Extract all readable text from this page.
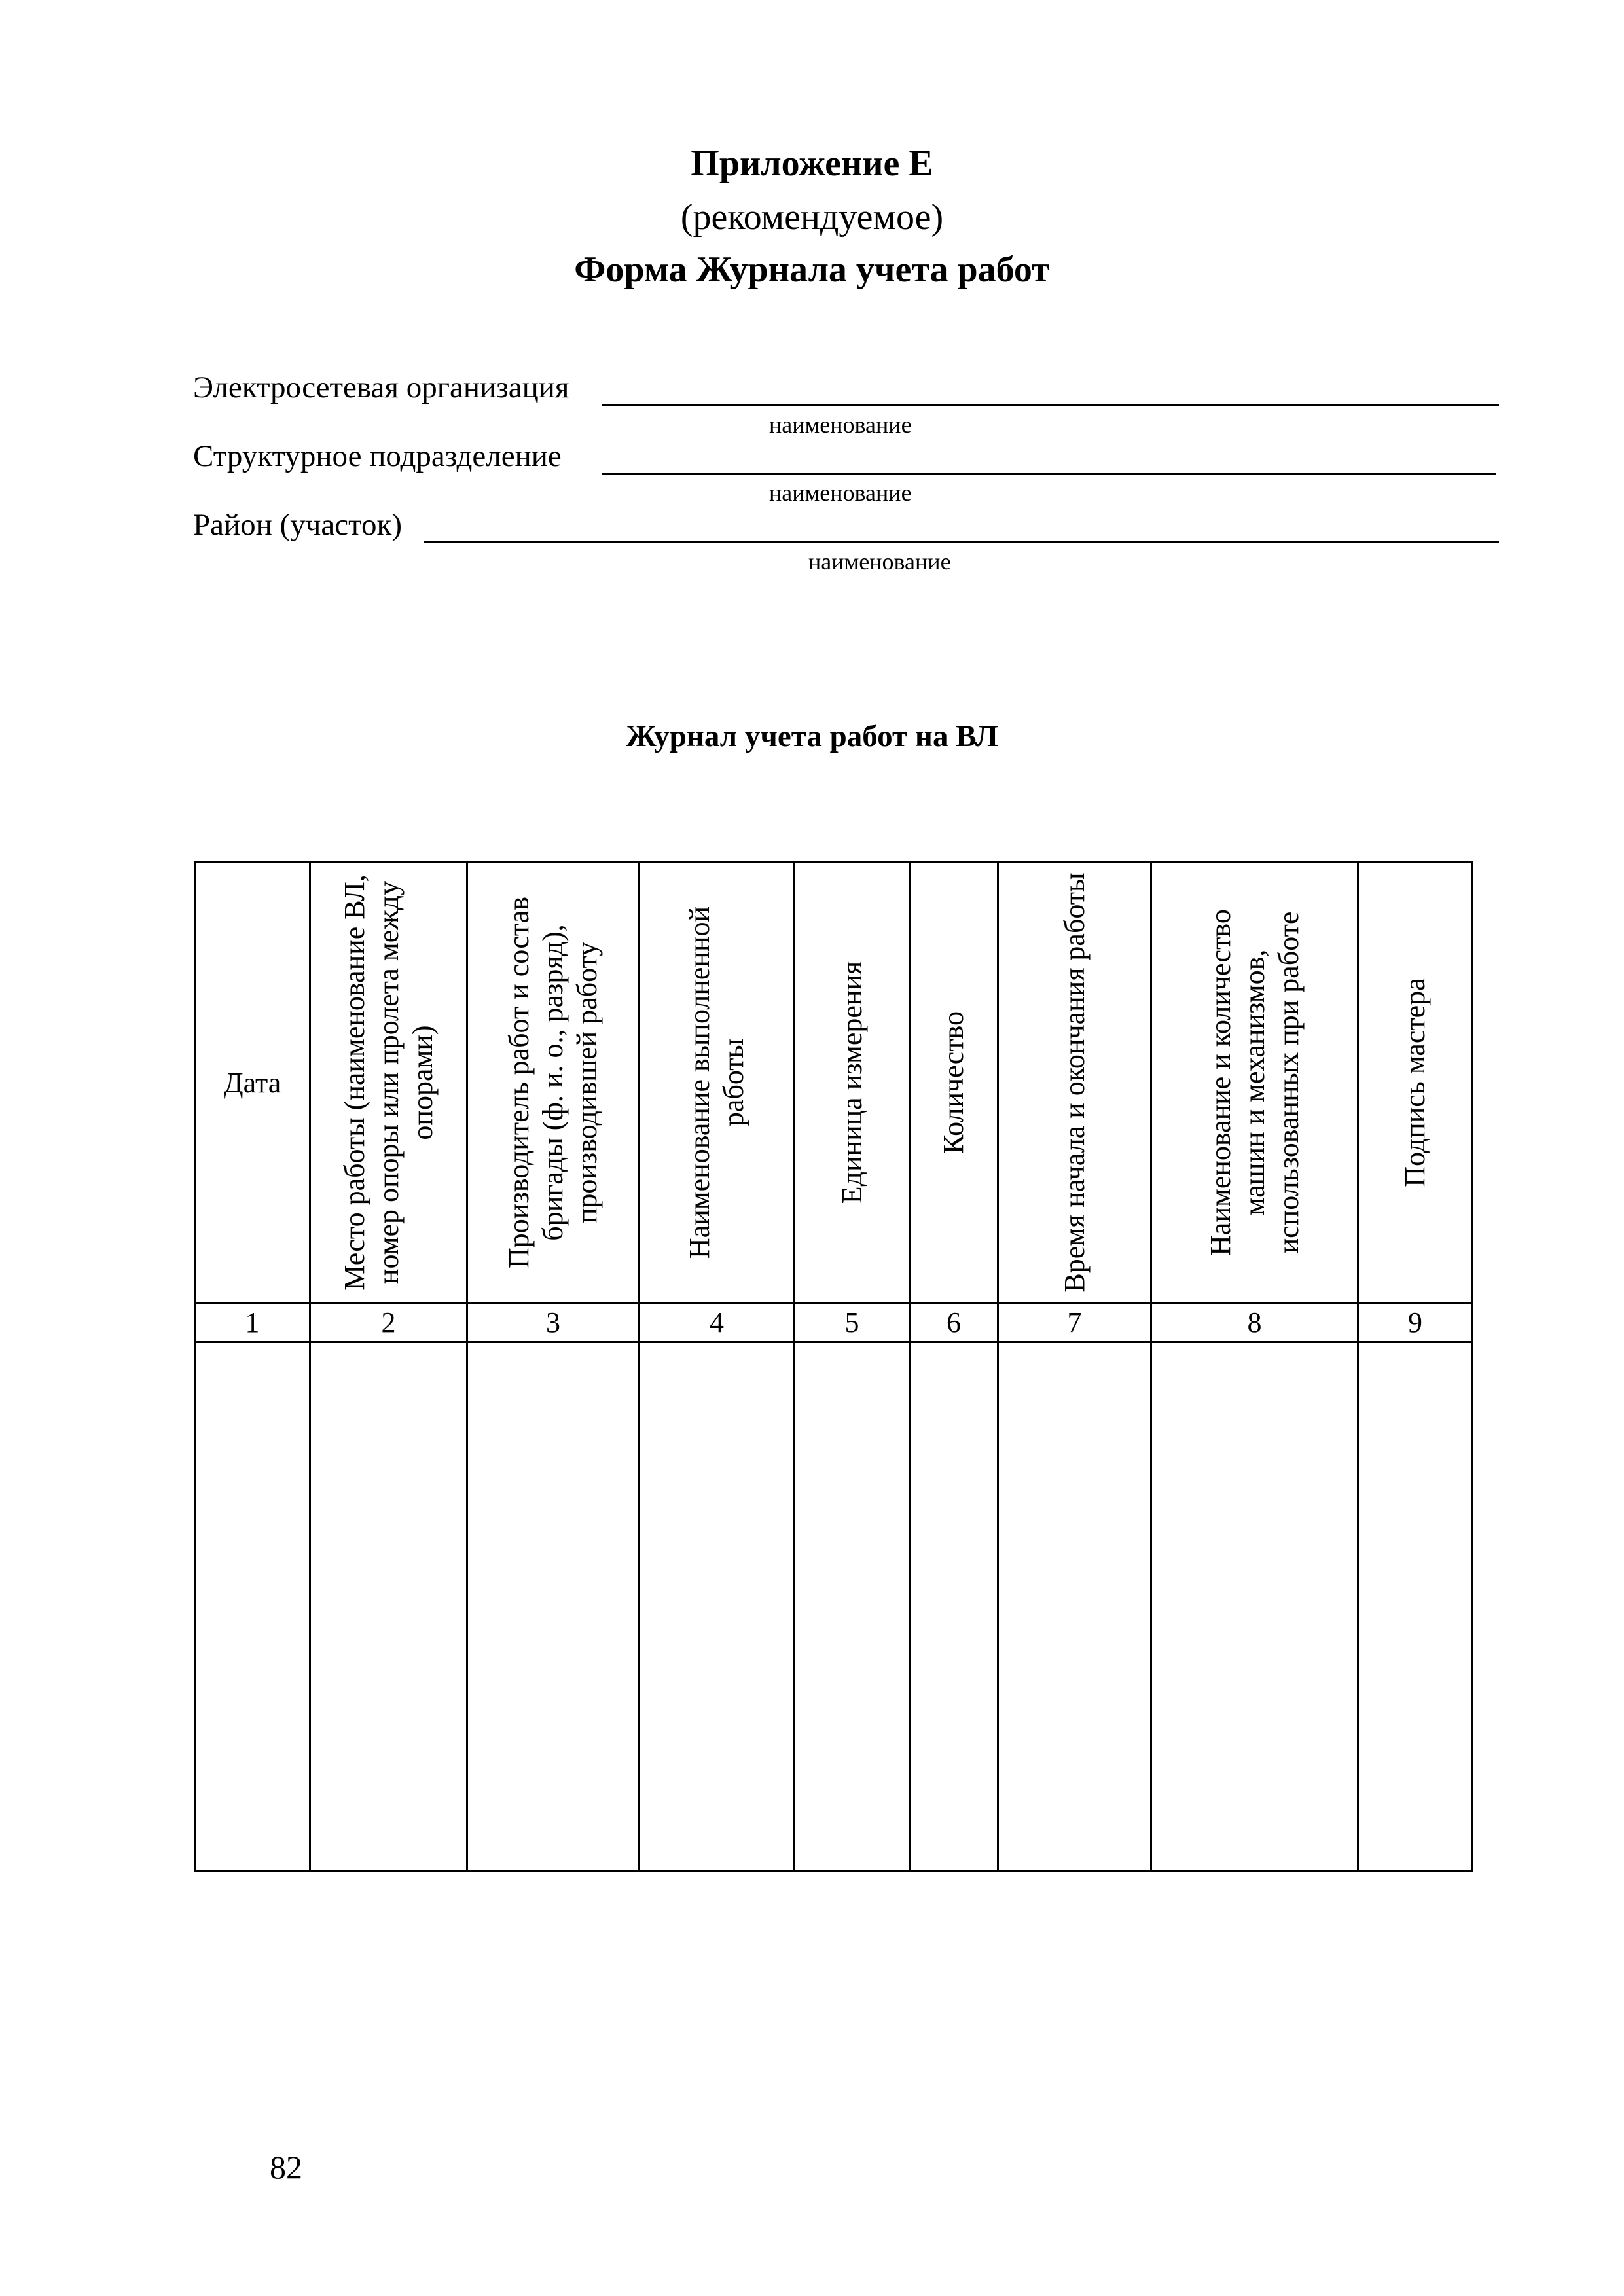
Приложение Е
(рекомендуемое)
Форма Журнала учета работ
Электросетевая организация
наименование
Структурное подразделение
наименование
Район (участок)
наименование
Журнал учета работ на ВЛ
Дата	Место работы (наименование ВЛ, номер опоры или пролета между опорами)	Производитель работ и состав бригады (ф. и. о., разряд), производившей работу	Наименование выполненной работы	Единица измерения	Количество	Время начала и окончания работы	Наименование и количество машин и механизмов, использованных при работе	Подпись мастера

1	2	3	4	5	6	7	8	9

82
